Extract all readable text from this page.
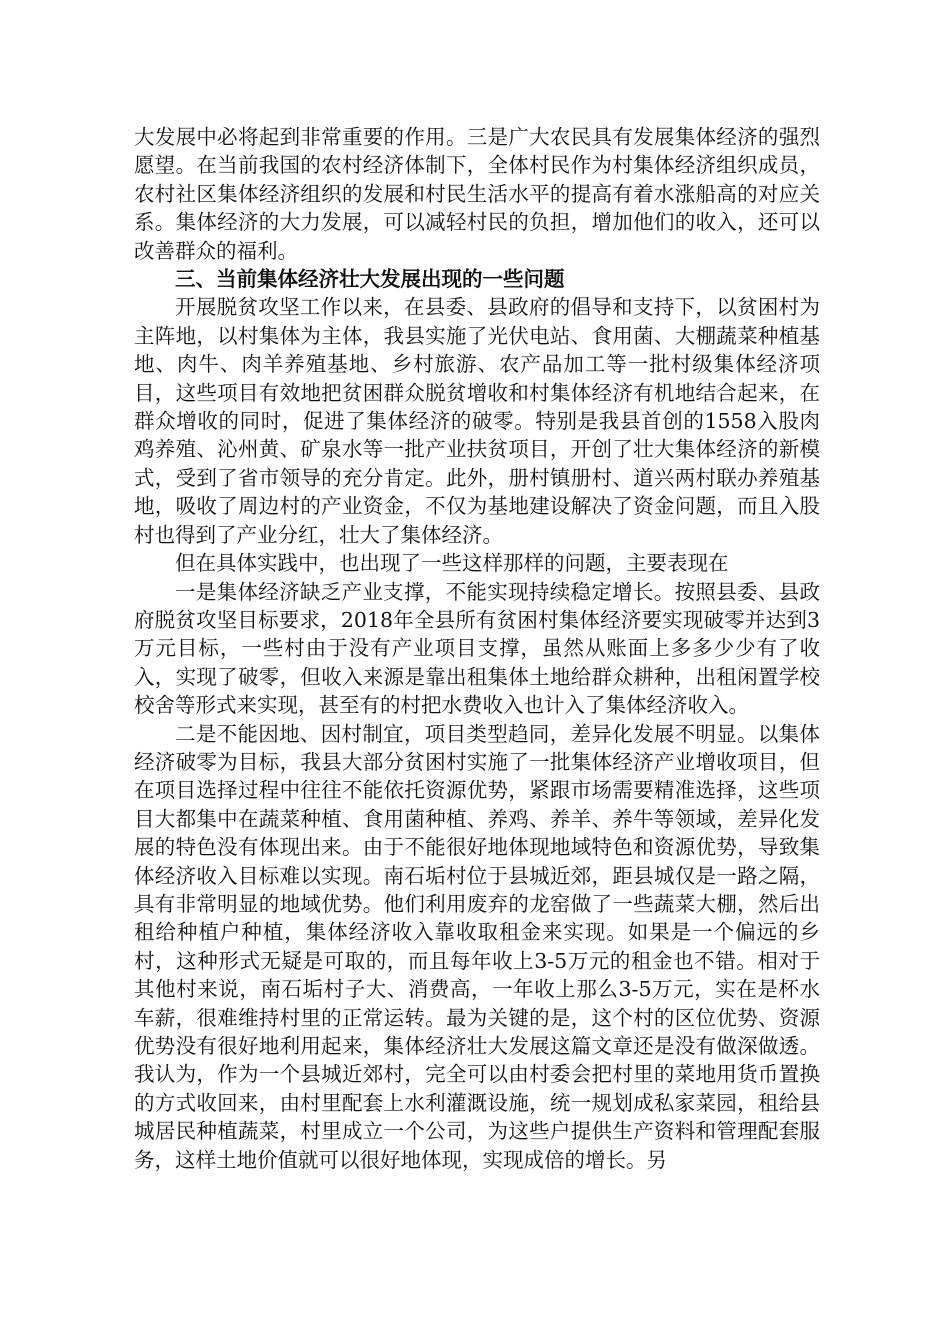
大发展中必将起到非常重要的作用。三是广大农民具有发展集体经济的强烈愿望。在当前我国的农村经济体制下，全体村民作为村集体经济组织成员，农村社区集体经济组织的发展和村民生活水平的提高有着水涨船高的对应关系。集体经济的大力发展，可以减轻村民的负担，增加他们的收入，还可以改善群众的福利。

三、当前集体经济壮大发展出现的一些问题

开展脱贫攻坚工作以来，在县委、县政府的倡导和支持下，以贫困村为主阵地，以村集体为主体，我县实施了光伏电站、食用菌、大棚蔬菜种植基地、肉牛、肉羊养殖基地、乡村旅游、农产品加工等一批村级集体经济项目，这些项目有效地把贫困群众脱贫增收和村集体经济有机地结合起来，在群众增收的同时，促进了集体经济的破零。特别是我县首创的1558入股肉鸡养殖、沁州黄、矿泉水等一批产业扶贫项目，开创了壮大集体经济的新模式，受到了省市领导的充分肯定。此外，册村镇册村、道兴两村联办养殖基地，吸收了周边村的产业资金，不仅为基地建设解决了资金问题，而且入股村也得到了产业分红，壮大了集体经济。

但在具体实践中，也出现了一些这样那样的问题，主要表现在

一是集体经济缺乏产业支撑，不能实现持续稳定增长。按照县委、县政府脱贫攻坚目标要求，2018年全县所有贫困村集体经济要实现破零并达到3万元目标，一些村由于没有产业项目支撑，虽然从账面上多多少少有了收入，实现了破零，但收入来源是靠出租集体土地给群众耕种，出租闲置学校校舍等形式来实现，甚至有的村把水费收入也计入了集体经济收入。

二是不能因地、因村制宜，项目类型趋同，差异化发展不明显。以集体经济破零为目标，我县大部分贫困村实施了一批集体经济产业增收项目，但在项目选择过程中往往不能依托资源优势，紧跟市场需要精准选择，这些项目大都集中在蔬菜种植、食用菌种植、养鸡、养羊、养牛等领域，差异化发展的特色没有体现出来。由于不能很好地体现地域特色和资源优势，导致集体经济收入目标难以实现。南石垢村位于县城近郊，距县城仅是一路之隔，具有非常明显的地域优势。他们利用废弃的龙窑做了一些蔬菜大棚，然后出租给种植户种植，集体经济收入靠收取租金来实现。如果是一个偏远的乡村，这种形式无疑是可取的，而且每年收上3-5万元的租金也不错。相对于其他村来说，南石垢村子大、消费高，一年收上那么3-5万元，实在是杯水车薪，很难维持村里的正常运转。最为关键的是，这个村的区位优势、资源优势没有很好地利用起来，集体经济壮大发展这篇文章还是没有做深做透。我认为，作为一个县城近郊村，完全可以由村委会把村里的菜地用货币置换的方式收回来，由村里配套上水利灌溉设施，统一规划成私家菜园，租给县城居民种植蔬菜，村里成立一个公司，为这些户提供生产资料和管理配套服务，这样土地价值就可以很好地体现，实现成倍的增长。另
